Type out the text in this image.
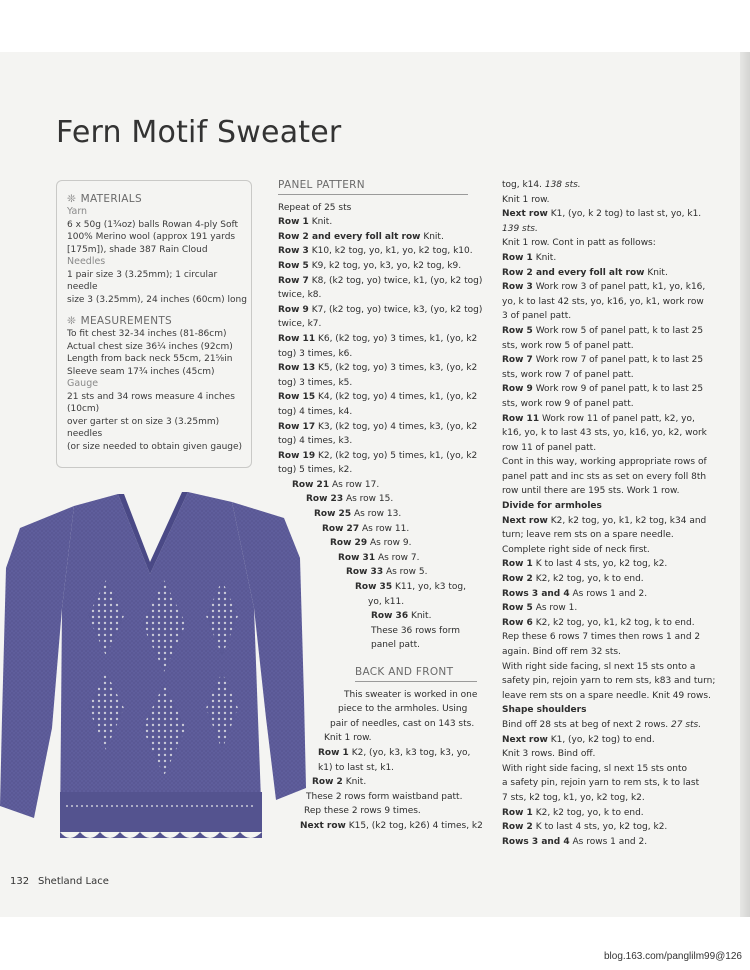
Fern Motif Sweater
❊ MATERIALS
Yarn
6 x 50g (1¾oz) balls Rowan 4-ply Soft
100% Merino wool (approx 191 yards
[175m]), shade 387 Rain Cloud
Needles
1 pair size 3 (3.25mm); 1 circular needle
size 3 (3.25mm), 24 inches (60cm) long
❊ MEASUREMENTS
To fit chest 32-34 inches (81-86cm)
Actual chest size 36¼ inches (92cm)
Length from back neck 55cm, 21⅝in
Sleeve seam 17¾ inches (45cm)
Gauge
21 sts and 34 rows measure 4 inches (10cm)
over garter st on size 3 (3.25mm) needles
(or size needed to obtain given gauge)
PANEL PATTERN
Repeat of 25 sts
Row 1 Knit.
Row 2 and every foll alt row Knit.
Row 3 K10, k2 tog, yo, k1, yo, k2 tog, k10.
Row 5 K9, k2 tog, yo, k3, yo, k2 tog, k9.
Row 7 K8, (k2 tog, yo) twice, k1, (yo, k2 tog)
twice, k8.
Row 9 K7, (k2 tog, yo) twice, k3, (yo, k2 tog)
twice, k7.
Row 11 K6, (k2 tog, yo) 3 times, k1, (yo, k2
tog) 3 times, k6.
Row 13 K5, (k2 tog, yo) 3 times, k3, (yo, k2
tog) 3 times, k5.
Row 15 K4, (k2 tog, yo) 4 times, k1, (yo, k2
tog) 4 times, k4.
Row 17 K3, (k2 tog, yo) 4 times, k3, (yo, k2
tog) 4 times, k3.
Row 19 K2, (k2 tog, yo) 5 times, k1, (yo, k2
tog) 5 times, k2.
Row 21 As row 17.
Row 23 As row 15.
Row 25 As row 13.
Row 27 As row 11.
Row 29 As row 9.
Row 31 As row 7.
Row 33 As row 5.
Row 35 K11, yo, k3 tog,
yo, k11.
Row 36 Knit.
These 36 rows form
panel patt.
BACK AND FRONT
This sweater is worked in one
piece to the armholes. Using
pair of needles, cast on 143 sts.
Knit 1 row.
Row 1 K2, (yo, k3, k3 tog, k3, yo,
k1) to last st, k1.
Row 2 Knit.
These 2 rows form waistband patt.
Rep these 2 rows 9 times.
Next row K15, (k2 tog, k26) 4 times, k2
tog, k14. 138 sts.
Knit 1 row.
Next row K1, (yo, k 2 tog) to last st, yo, k1.
139 sts.
Knit 1 row. Cont in patt as follows:
Row 1 Knit.
Row 2 and every foll alt row Knit.
Row 3 Work row 3 of panel patt, k1, yo, k16,
yo, k to last 42 sts, yo, k16, yo, k1, work row
3 of panel patt.
Row 5 Work row 5 of panel patt, k to last 25
sts, work row 5 of panel patt.
Row 7 Work row 7 of panel patt, k to last 25
sts, work row 7 of panel patt.
Row 9 Work row 9 of panel patt, k to last 25
sts, work row 9 of panel patt.
Row 11 Work row 11 of panel patt, k2, yo,
k16, yo, k to last 43 sts, yo, k16, yo, k2, work
row 11 of panel patt.
Cont in this way, working appropriate rows of
panel patt and inc sts as set on every foll 8th
row until there are 195 sts. Work 1 row.
Divide for armholes
Next row K2, k2 tog, yo, k1, k2 tog, k34 and
turn; leave rem sts on a spare needle.
Complete right side of neck first.
Row 1 K to last 4 sts, yo, k2 tog, k2.
Row 2 K2, k2 tog, yo, k to end.
Rows 3 and 4 As rows 1 and 2.
Row 5 As row 1.
Row 6 K2, k2 tog, yo, k1, k2 tog, k to end.
Rep these 6 rows 7 times then rows 1 and 2
again. Bind off rem 32 sts.
With right side facing, sl next 15 sts onto a
safety pin, rejoin yarn to rem sts, k83 and turn;
leave rem sts on a spare needle. Knit 49 rows.
Shape shoulders
Bind off 28 sts at beg of next 2 rows. 27 sts.
Next row K1, (yo, k2 tog) to end.
Knit 3 rows. Bind off.
With right side facing, sl next 15 sts onto
a safety pin, rejoin yarn to rem sts, k to last
7 sts, k2 tog, k1, yo, k2 tog, k2.
Row 1 K2, k2 tog, yo, k to end.
Row 2 K to last 4 sts, yo, k2 tog, k2.
Rows 3 and 4 As rows 1 and 2.
132 Shetland Lace
blog.163.com/panglilm99@126
